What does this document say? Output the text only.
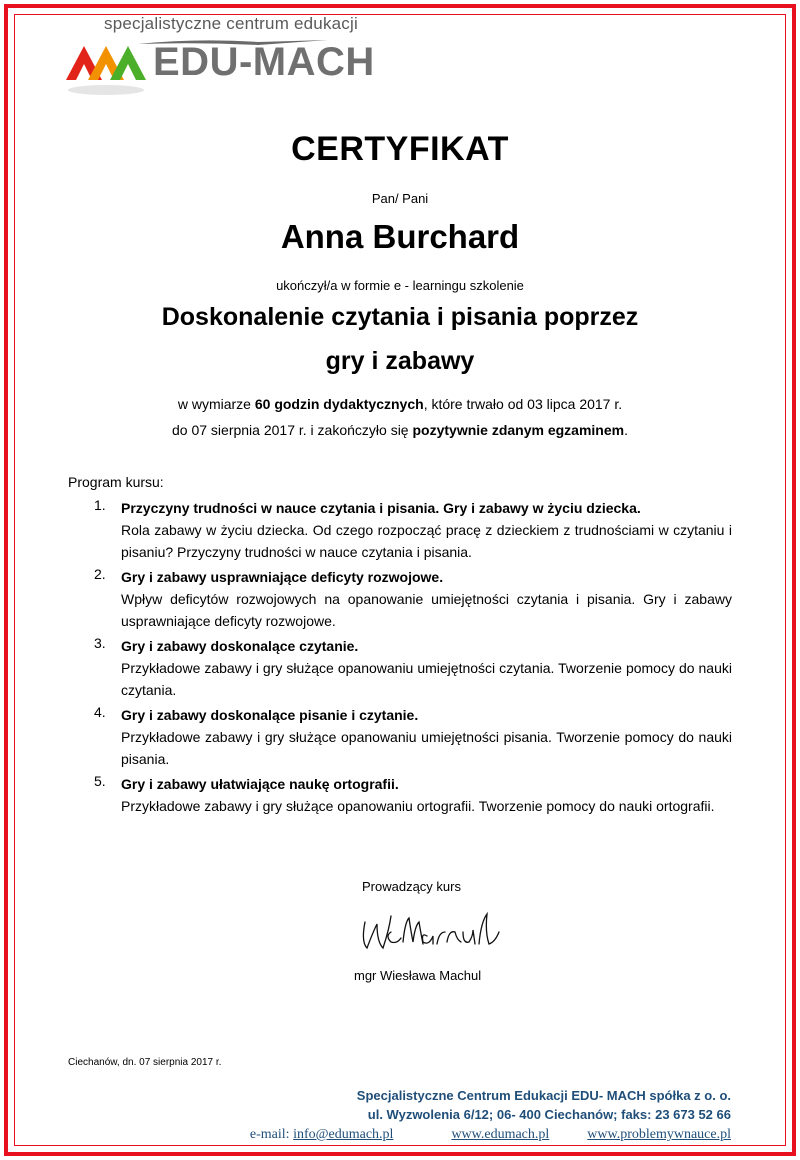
specjalistyczne centrum edukacji
EDU-MACH
CERTYFIKAT
Pan/ Pani
Anna Burchard
ukończył/a w formie e - learningu szkolenie
Doskonalenie czytania i pisania poprzez
gry i zabawy
w wymiarze 60 godzin dydaktycznych, które trwało od 03 lipca 2017 r.
do 07 sierpnia 2017 r. i zakończyło się pozytywnie zdanym egzaminem.
Program kursu:
1. Przyczyny trudności w nauce czytania i pisania. Gry i zabawy w życiu dziecka.
Rola zabawy w życiu dziecka. Od czego rozpocząć pracę z dzieckiem z trudnościami w czytaniu i pisaniu? Przyczyny trudności w nauce czytania i pisania.
2. Gry i zabawy usprawniające deficyty rozwojowe.
Wpływ deficytów rozwojowych na opanowanie umiejętności czytania i pisania. Gry i zabawy usprawniające deficyty rozwojowe.
3. Gry i zabawy doskonalące czytanie.
Przykładowe zabawy i gry służące opanowaniu umiejętności czytania. Tworzenie pomocy do nauki czytania.
4. Gry i zabawy doskonalące pisanie i czytanie.
Przykładowe zabawy i gry służące opanowaniu umiejętności pisania. Tworzenie pomocy do nauki pisania.
5. Gry i zabawy ułatwiające naukę ortografii.
Przykładowe zabawy i gry służące opanowaniu ortografii. Tworzenie pomocy do nauki ortografii.
Prowadzący kurs
mgr Wiesława Machul
Ciechanów, dn. 07 sierpnia 2017 r.
Specjalistyczne Centrum Edukacji EDU- MACH spółka z o. o.
ul. Wyzwolenia 6/12; 06- 400 Ciechanów; faks: 23 673 52 66
e-mail: info@edumach.pl	www.edumach.pl	www.problemywnauce.pl
